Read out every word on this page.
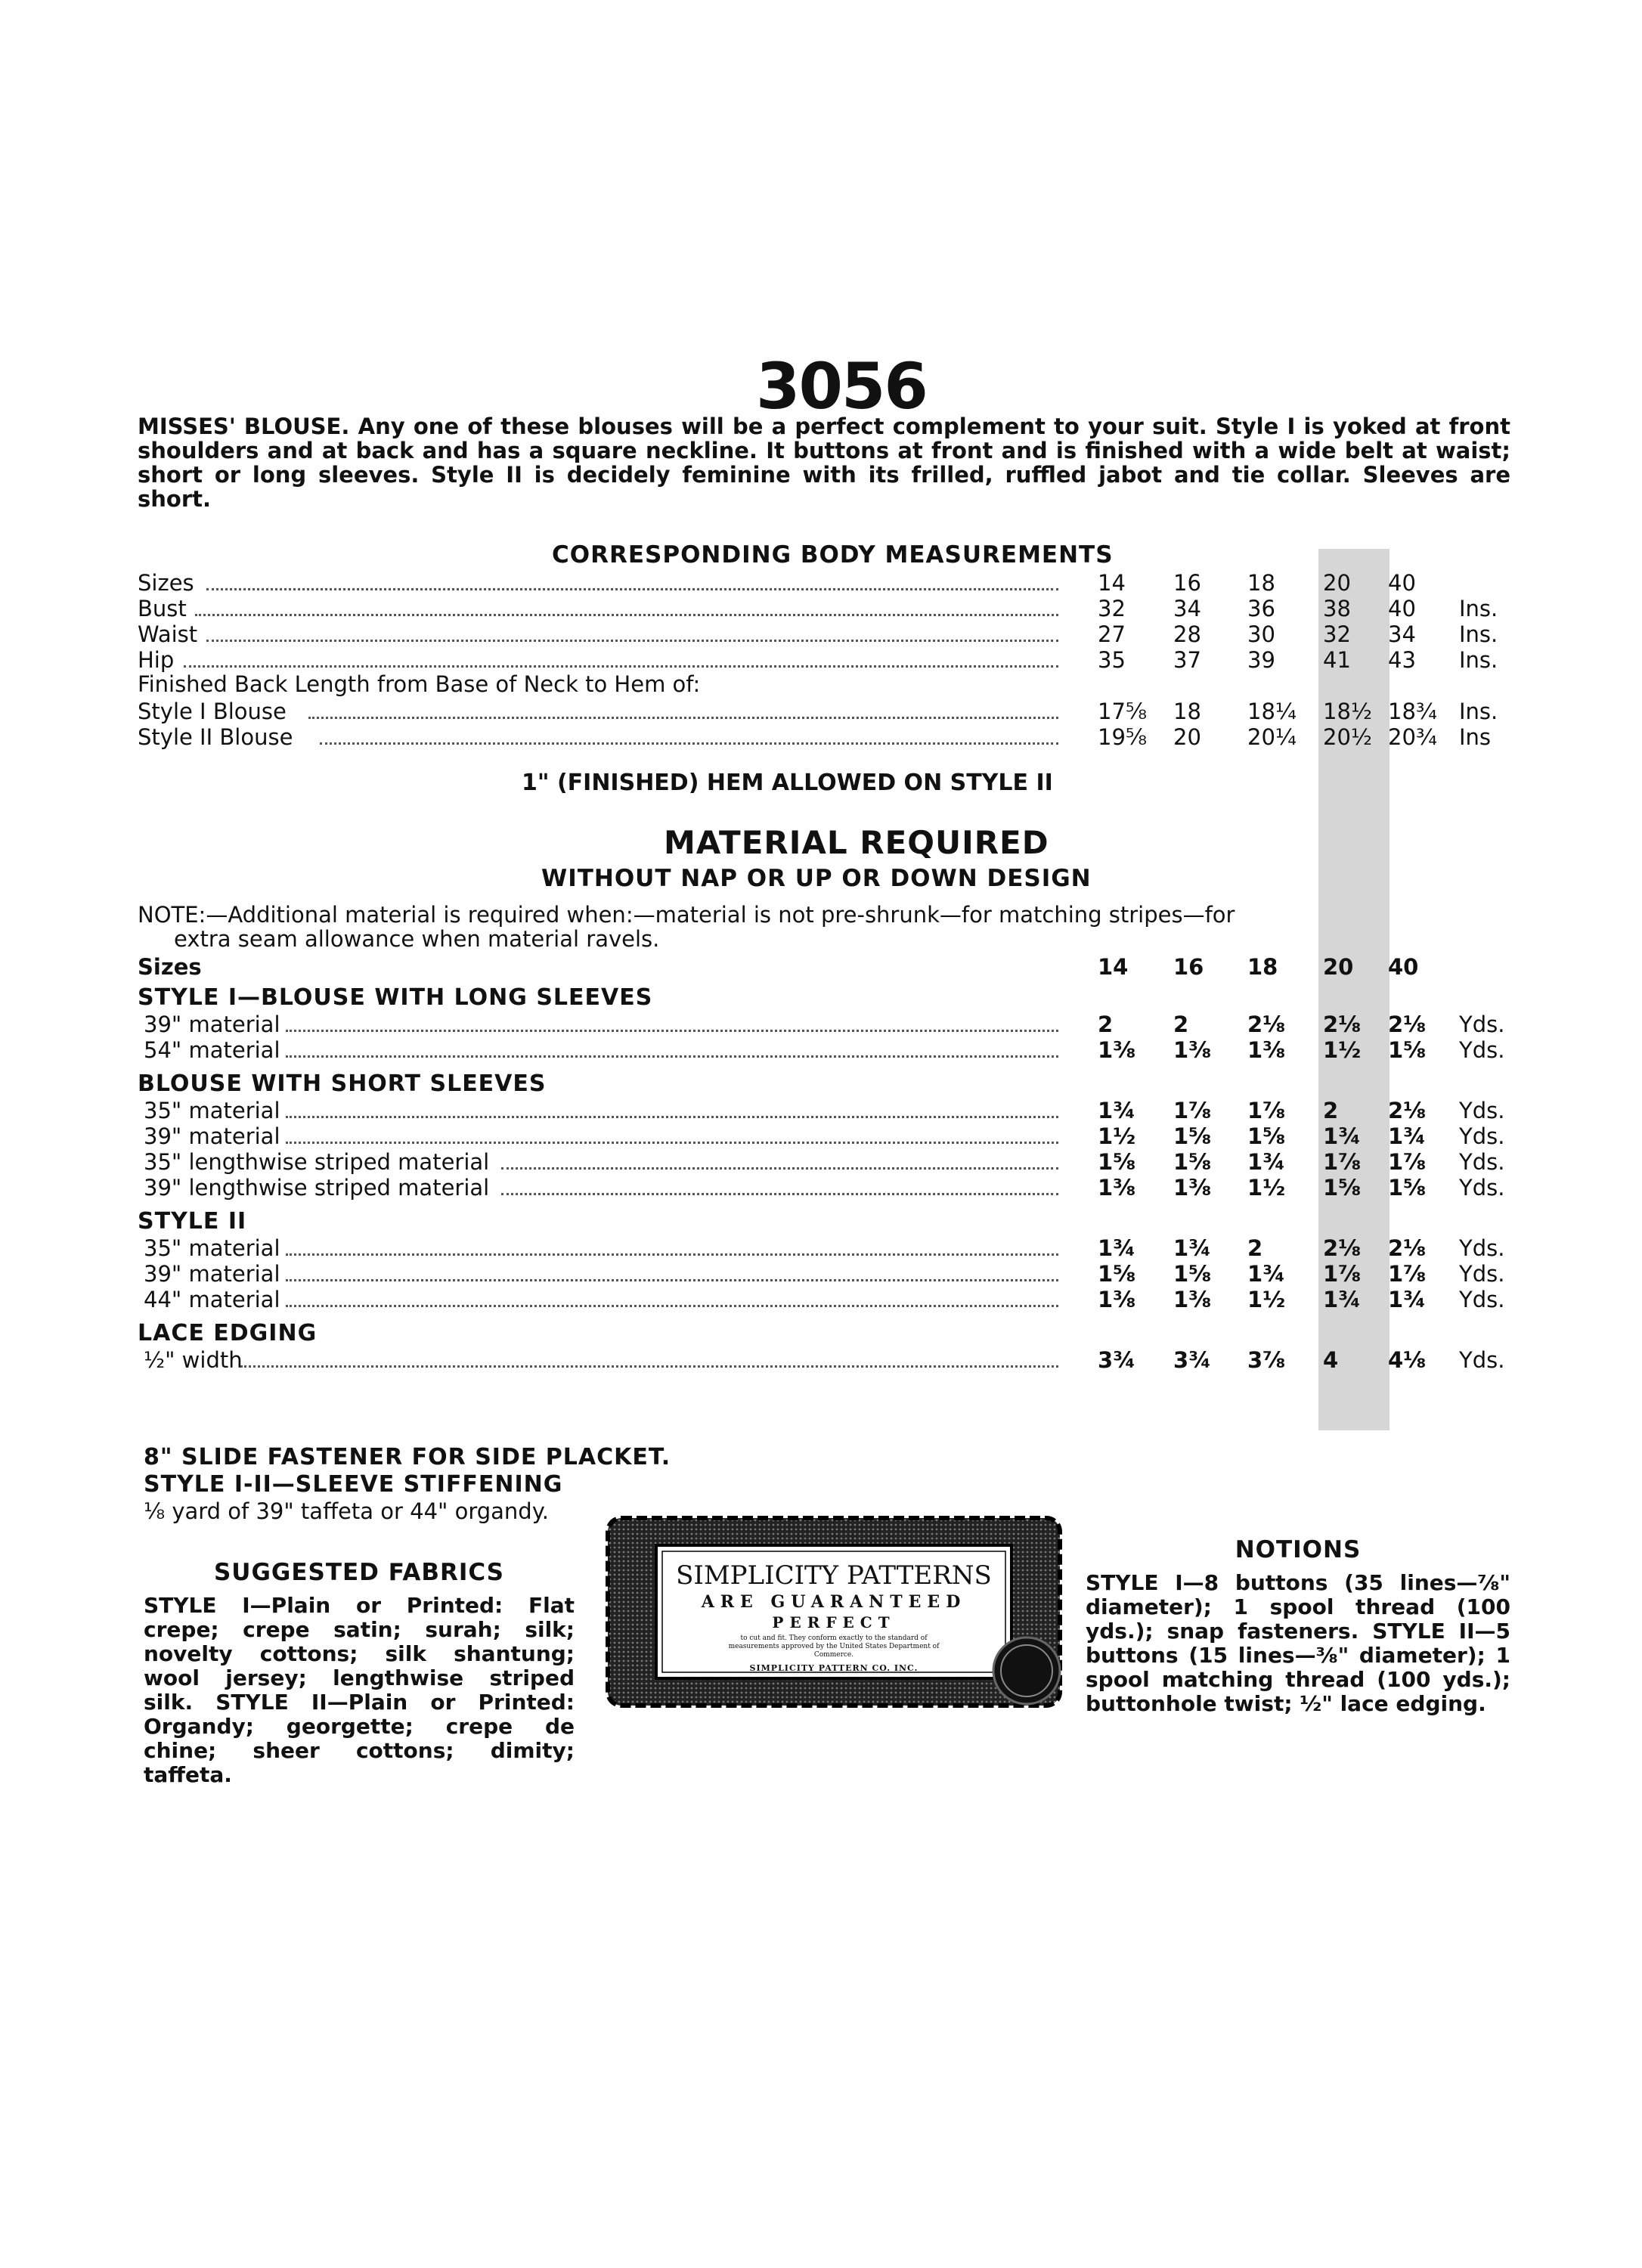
3056
MISSES' BLOUSE. Any one of these blouses will be a perfect complement to your suit. Style I is yoked at front shoulders and at back and has a square neckline. It buttons at front and is finished with a wide belt at waist; short or long sleeves. Style II is decidely feminine with its frilled, ruffled jabot and tie collar. Sleeves are short.
CORRESPONDING BODY MEASUREMENTS
Sizes	14	16	18	20	40
Bust	32	34	36	38	40	Ins.
Waist	27	28	30	32	34	Ins.
Hip	35	37	39	41	43	Ins.
Finished Back Length from Base of Neck to Hem of:
Style I Blouse	17⅝	18	18¼	18½ 18¾ Ins.
Style II Blouse	19⅝	20	20¼	20½ 20¾ Ins
1" (FINISHED) HEM ALLOWED ON STYLE II
MATERIAL REQUIRED
WITHOUT NAP OR UP OR DOWN DESIGN
NOTE:—Additional material is required when:—material is not pre-shrunk—for matching stripes—for
extra seam allowance when material ravels.
Sizes	14	16	18	20	40
STYLE I—BLOUSE WITH LONG SLEEVES
39" material	2	2	2⅛	2⅛	2⅛	Yds.
54" material	1⅜	1⅜	1⅜	1½	1⅝	Yds.
BLOUSE WITH SHORT SLEEVES
35" material	1¾	1⅞	1⅞	2	2⅛	Yds.
39" material	1½	1⅝	1⅝	1¾	1¾	Yds.
35" lengthwise striped material	1⅝	1⅝	1¾	1⅞	1⅞	Yds.
39" lengthwise striped material	1⅜	1⅜	1½	1⅝	1⅝	Yds.
STYLE II
35" material	1¾	1¾	2	2⅛	2⅛	Yds.
39" material	1⅝	1⅝	1¾	1⅞	1⅞	Yds.
44" material	1⅜	1⅜	1½	1¾	1¾	Yds.
LACE EDGING
½" width	3¾	3¾	3⅞	4	4⅛	Yds.
8" SLIDE FASTENER FOR SIDE PLACKET.
STYLE I-II—SLEEVE STIFFENING
⅛ yard of 39" taffeta or 44" organdy.
SUGGESTED FABRICS
STYLE I—Plain or Printed: Flat crepe; crepe satin; surah; silk; novelty cottons; silk shantung; wool jersey; lengthwise striped silk. STYLE II—Plain or Printed: Organdy; georgette; crepe de chine; sheer cottons; dimity; taffeta.
SIMPLICITY PATTERNS
ARE GUARANTEED
PERFECT
to cut and fit. They conform exactly to the standard of measurements approved by the United States Department of Commerce.
SIMPLICITY PATTERN CO. INC.
NOTIONS
STYLE I—8 buttons (35 lines—⅞" diameter); 1 spool thread (100 yds.); snap fasteners. STYLE II—5 buttons (15 lines—⅜" diameter); 1 spool matching thread (100 yds.); buttonhole twist; ½" lace edging.
